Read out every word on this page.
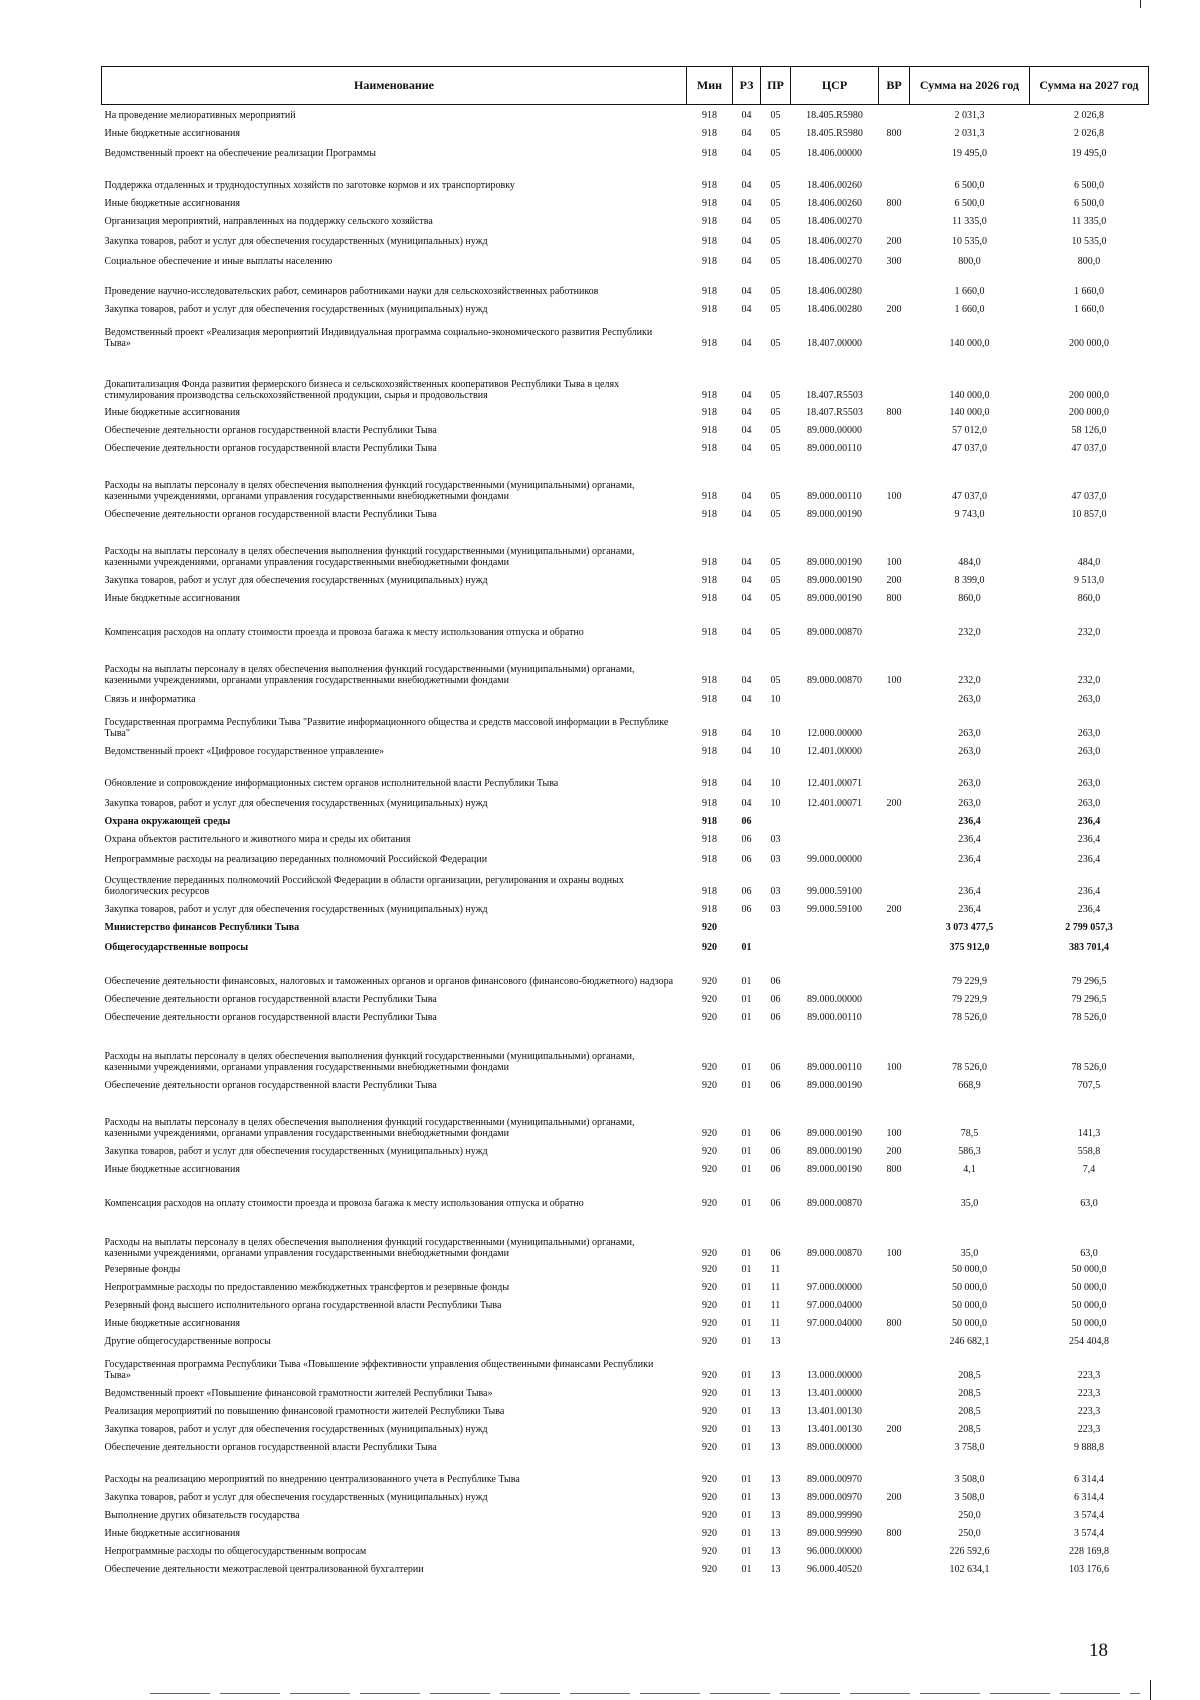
Наименование	Мин	РЗ	ПР	ЦСР	ВР	Сумма на 2026 год	Сумма на 2027 год
На проведение мелиоративных мероприятий	918	04	05	18.405.R5980		2 031,3	2 026,8
Иные бюджетные ассигнования	918	04	05	18.405.R5980	800	2 031,3	2 026,8
Ведомственный проект на обеспечение реализации Программы	918	04	05	18.406.00000		19 495,0	19 495,0
Поддержка отдаленных и труднодоступных хозяйств по заготовке кормов и их транспортировку	918	04	05	18.406.00260		6 500,0	6 500,0
Иные бюджетные ассигнования	918	04	05	18.406.00260	800	6 500,0	6 500,0
Организация мероприятий, направленных на поддержку сельского хозяйства	918	04	05	18.406.00270		11 335,0	11 335,0
Закупка товаров, работ и услуг для обеспечения государственных (муниципальных) нужд	918	04	05	18.406.00270	200	10 535,0	10 535,0
Социальное обеспечение и иные выплаты населению	918	04	05	18.406.00270	300	800,0	800,0
Проведение научно-исследовательских работ, семинаров работниками науки для сельскохозяйственных работников	918	04	05	18.406.00280		1 660,0	1 660,0
Закупка товаров, работ и услуг для обеспечения государственных (муниципальных) нужд	918	04	05	18.406.00280	200	1 660,0	1 660,0
Ведомственный проект «Реализация мероприятий Индивидуальная программа социально-экономического развития Республики Тыва»	918	04	05	18.407.00000		140 000,0	200 000,0
Докапитализация Фонда развития фермерского бизнеса и сельскохозяйственных кооперативов Республики Тыва в целях стимулирования производства сельскохозяйственной продукции, сырья и продовольствия	918	04	05	18.407.R5503		140 000,0	200 000,0
Иные бюджетные ассигнования	918	04	05	18.407.R5503	800	140 000,0	200 000,0
Обеспечение деятельности органов государственной власти Республики Тыва	918	04	05	89.000.00000		57 012,0	58 126,0
Обеспечение деятельности органов государственной власти Республики Тыва	918	04	05	89.000.00110		47 037,0	47 037,0
Расходы на выплаты персоналу в целях обеспечения выполнения функций государственными (муниципальными) органами, казенными учреждениями, органами управления государственными внебюджетными фондами	918	04	05	89.000.00110	100	47 037,0	47 037,0
Обеспечение деятельности органов государственной власти Республики Тыва	918	04	05	89.000.00190		9 743,0	10 857,0
Расходы на выплаты персоналу в целях обеспечения выполнения функций государственными (муниципальными) органами, казенными учреждениями, органами управления государственными внебюджетными фондами	918	04	05	89.000.00190	100	484,0	484,0
Закупка товаров, работ и услуг для обеспечения государственных (муниципальных) нужд	918	04	05	89.000.00190	200	8 399,0	9 513,0
Иные бюджетные ассигнования	918	04	05	89.000.00190	800	860,0	860,0
Компенсация расходов на оплату стоимости проезда и провоза багажа к месту использования отпуска и обратно	918	04	05	89.000.00870		232,0	232,0
Расходы на выплаты персоналу в целях обеспечения выполнения функций государственными (муниципальными) органами, казенными учреждениями, органами управления государственными внебюджетными фондами	918	04	05	89.000.00870	100	232,0	232,0
Связь и информатика	918	04	10			263,0	263,0
Государственная программа Республики Тыва "Развитие информационного общества и средств массовой информации в Республике Тыва"	918	04	10	12.000.00000		263,0	263,0
Ведомственный проект «Цифровое государственное управление»	918	04	10	12.401.00000		263,0	263,0
Обновление и сопровождение информационных систем органов исполнительной власти Республики Тыва	918	04	10	12.401.00071		263,0	263,0
Закупка товаров, работ и услуг для обеспечения государственных (муниципальных) нужд	918	04	10	12.401.00071	200	263,0	263,0
Охрана окружающей среды	918	06				236,4	236,4
Охрана объектов растительного и животного мира и среды их обитания	918	06	03			236,4	236,4
Непрограммные расходы на реализацию переданных полномочий Российской Федерации	918	06	03	99.000.00000		236,4	236,4
Осуществление переданных полномочий Российской Федерации в области организации, регулирования и охраны водных биологических ресурсов	918	06	03	99.000.59100		236,4	236,4
Закупка товаров, работ и услуг для обеспечения государственных (муниципальных) нужд	918	06	03	99.000.59100	200	236,4	236,4
Министерство финансов Республики Тыва	920					3 073 477,5	2 799 057,3
Общегосударственные вопросы	920	01				375 912,0	383 701,4
Обеспечение деятельности финансовых, налоговых и таможенных органов и органов финансового (финансово-бюджетного) надзора	920	01	06			79 229,9	79 296,5
Обеспечение деятельности органов государственной власти Республики Тыва	920	01	06	89.000.00000		79 229,9	79 296,5
Обеспечение деятельности органов государственной власти Республики Тыва	920	01	06	89.000.00110		78 526,0	78 526,0
Расходы на выплаты персоналу в целях обеспечения выполнения функций государственными (муниципальными) органами, казенными учреждениями, органами управления государственными внебюджетными фондами	920	01	06	89.000.00110	100	78 526,0	78 526,0
Обеспечение деятельности органов государственной власти Республики Тыва	920	01	06	89.000.00190		668,9	707,5
Расходы на выплаты персоналу в целях обеспечения выполнения функций государственными (муниципальными) органами, казенными учреждениями, органами управления государственными внебюджетными фондами	920	01	06	89.000.00190	100	78,5	141,3
Закупка товаров, работ и услуг для обеспечения государственных (муниципальных) нужд	920	01	06	89.000.00190	200	586,3	558,8
Иные бюджетные ассигнования	920	01	06	89.000.00190	800	4,1	7,4
Компенсация расходов на оплату стоимости проезда и провоза багажа к месту использования отпуска и обратно	920	01	06	89.000.00870		35,0	63,0
Расходы на выплаты персоналу в целях обеспечения выполнения функций государственными (муниципальными) органами, казенными учреждениями, органами управления государственными внебюджетными фондами	920	01	06	89.000.00870	100	35,0	63,0
Резервные фонды	920	01	11			50 000,0	50 000,0
Непрограммные расходы по предоставлению межбюджетных трансфертов и резервные фонды	920	01	11	97.000.00000		50 000,0	50 000,0
Резервный фонд высшего исполнительного органа государственной власти Республики Тыва	920	01	11	97.000.04000		50 000,0	50 000,0
Иные бюджетные ассигнования	920	01	11	97.000.04000	800	50 000,0	50 000,0
Другие общегосударственные вопросы	920	01	13			246 682,1	254 404,8
Государственная программа Республики Тыва «Повышение эффективности управления общественными финансами Республики Тыва»	920	01	13	13.000.00000		208,5	223,3
Ведомственный проект «Повышение финансовой грамотности жителей Республики Тыва»	920	01	13	13.401.00000		208,5	223,3
Реализация мероприятий по повышению финансовой грамотности жителей Республики Тыва	920	01	13	13.401.00130		208,5	223,3
Закупка товаров, работ и услуг для обеспечения государственных (муниципальных) нужд	920	01	13	13.401.00130	200	208,5	223,3
Обеспечение деятельности органов государственной власти Республики Тыва	920	01	13	89.000.00000		3 758,0	9 888,8
Расходы на реализацию мероприятий по внедрению централизованного учета в Республике Тыва	920	01	13	89.000.00970		3 508,0	6 314,4
Закупка товаров, работ и услуг для обеспечения государственных (муниципальных) нужд	920	01	13	89.000.00970	200	3 508,0	6 314,4
Выполнение других обязательств государства	920	01	13	89.000.99990		250,0	3 574,4
Иные бюджетные ассигнования	920	01	13	89.000.99990	800	250,0	3 574,4
Непрограммные расходы по общегосударственным вопросам	920	01	13	96.000.00000		226 592,6	228 169,8
Обеспечение деятельности межотраслевой централизованной бухгалтерии	920	01	13	96.000.40520		102 634,1	103 176,6
18
